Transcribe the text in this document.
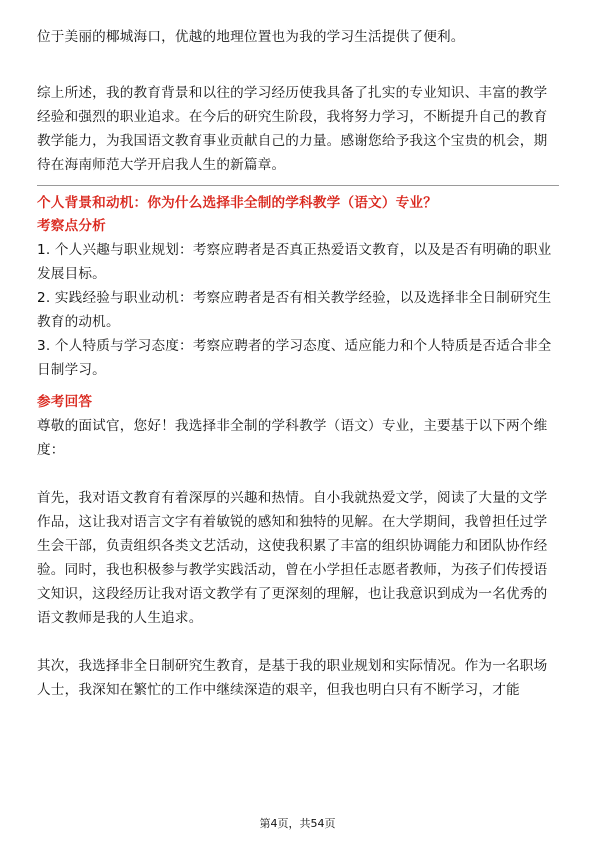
位于美丽的椰城海口，优越的地理位置也为我的学习生活提供了便利。

综上所述，我的教育背景和以往的学习经历使我具备了扎实的专业知识、丰富的教学经验和强烈的职业追求。在今后的研究生阶段，我将努力学习，不断提升自己的教育教学能力，为我国语文教育事业贡献自己的力量。感谢您给予我这个宝贵的机会，期待在海南师范大学开启我人生的新篇章。

个人背景和动机：你为什么选择非全制的学科教学（语文）专业？

考察点分析

1. 个人兴趣与职业规划：考察应聘者是否真正热爱语文教育，以及是否有明确的职业发展目标。

2. 实践经验与职业动机：考察应聘者是否有相关教学经验，以及选择非全日制研究生教育的动机。

3. 个人特质与学习态度：考察应聘者的学习态度、适应能力和个人特质是否适合非全日制学习。

参考回答

尊敬的面试官，您好！我选择非全制的学科教学（语文）专业，主要基于以下两个维度：

首先，我对语文教育有着深厚的兴趣和热情。自小我就热爱文学，阅读了大量的文学作品，这让我对语言文字有着敏锐的感知和独特的见解。在大学期间，我曾担任过学生会干部，负责组织各类文艺活动，这使我积累了丰富的组织协调能力和团队协作经验。同时，我也积极参与教学实践活动，曾在小学担任志愿者教师，为孩子们传授语文知识，这段经历让我对语文教学有了更深刻的理解，也让我意识到成为一名优秀的语文教师是我的人生追求。

其次，我选择非全日制研究生教育，是基于我的职业规划和实际情况。作为一名职场人士，我深知在繁忙的工作中继续深造的艰辛，但我也明白只有不断学习，才能

第4页，共54页
